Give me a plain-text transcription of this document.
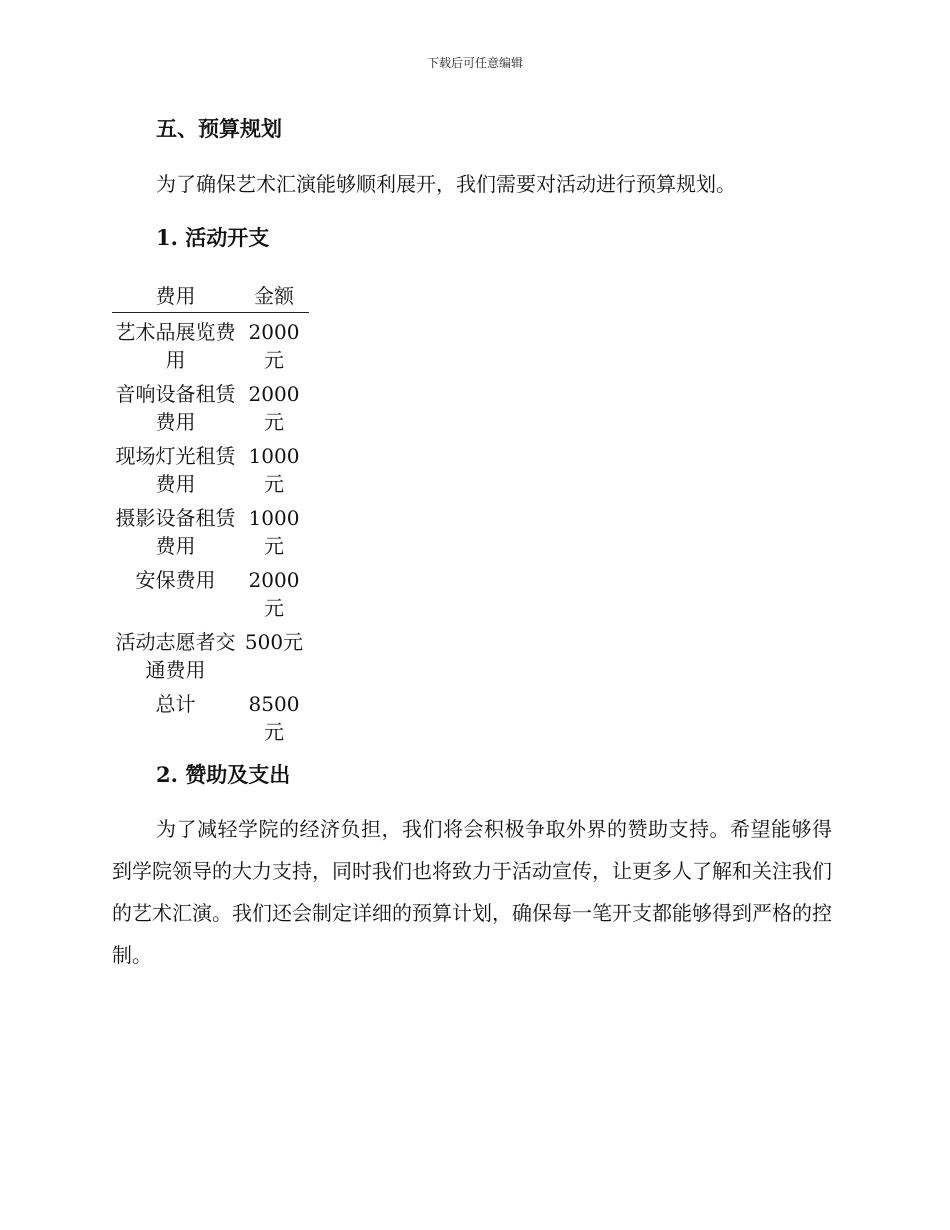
下载后可任意编辑
五、预算规划

为了确保艺术汇演能够顺利展开，我们需要对活动进行预算规划。

1. 活动开支
费用	金额
艺术品展览费用	2000元
音响设备租赁费用	2000元
现场灯光租赁费用	1000元
摄影设备租赁费用	1000元
安保费用	2000元
活动志愿者交通费用	500元
总计	8500元
2. 赞助及支出

为了减轻学院的经济负担，我们将会积极争取外界的赞助支持。希望能够得到学院领导的大力支持，同时我们也将致力于活动宣传，让更多人了解和关注我们的艺术汇演。我们还会制定详细的预算计划，确保每一笔开支都能够得到严格的控制。
